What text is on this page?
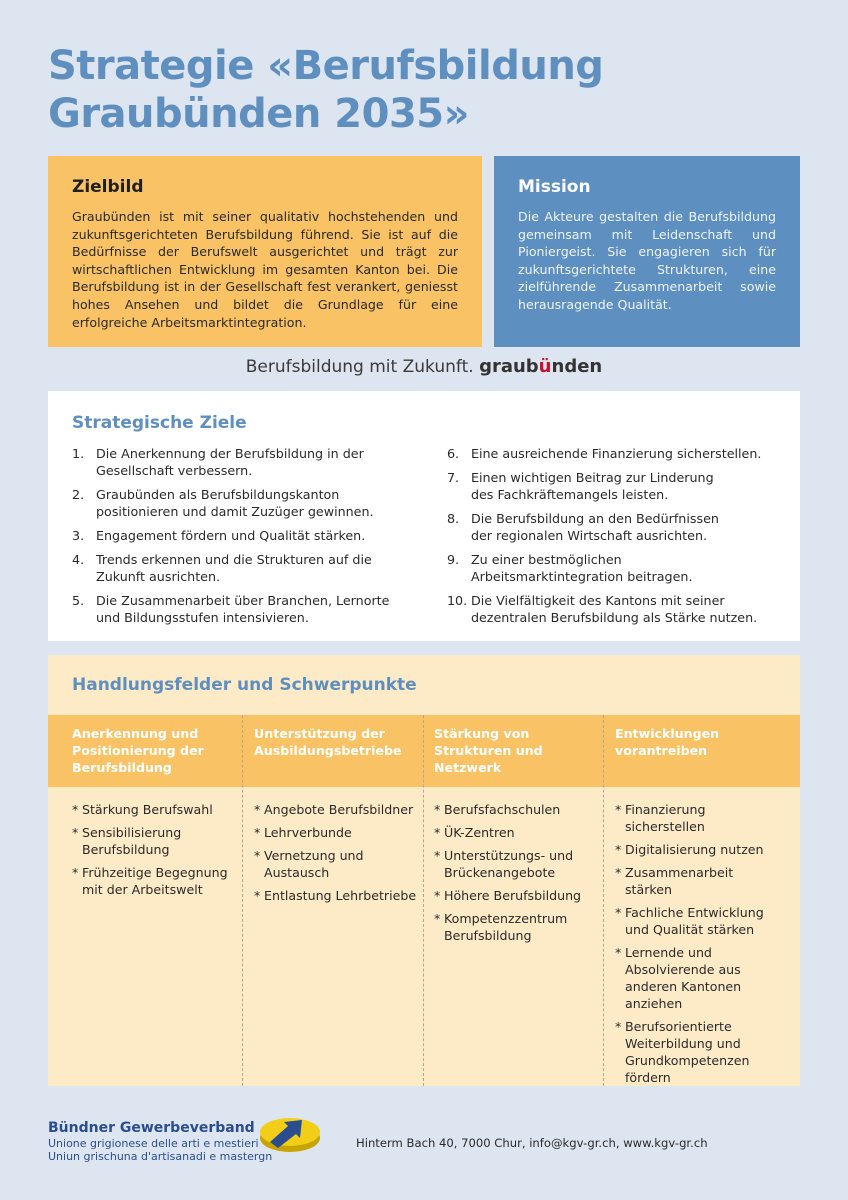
Strategie «Berufsbildung
Graubünden 2035»
Zielbild

Graubünden ist mit seiner qualitativ hochstehenden und zukunftsgerichteten Berufsbildung führend. Sie ist auf die Bedürfnisse der Berufswelt ausgerichtet und trägt zur wirtschaftlichen Entwicklung im gesamten Kanton bei. Die Berufsbildung ist in der Gesellschaft fest verankert, geniesst hohes Ansehen und bildet die Grundlage für eine erfolgreiche Arbeitsmarktintegration.

Mission

Die Akteure gestalten die Berufsbildung gemeinsam mit Leidenschaft und Pioniergeist. Sie engagieren sich für zukunftsgerichtete Strukturen, eine zielführende Zusammenarbeit sowie herausragende Qualität.

Berufsbildung mit Zukunft. graubünden
Strategische Ziele
1. Die Anerkennung der Berufsbildung in der Gesellschaft verbessern.
2. Graubünden als Berufsbildungskanton positionieren und damit Zuzüger gewinnen.
3. Engagement fördern und Qualität stärken.
4. Trends erkennen und die Strukturen auf die Zukunft ausrichten.
5. Die Zusammenarbeit über Branchen, Lernorte und Bildungsstufen intensivieren.
6. Eine ausreichende Finanzierung sicherstellen.
7. Einen wichtigen Beitrag zur Linderung des Fachkräftemangels leisten.
8. Die Berufsbildung an den Bedürfnissen der regionalen Wirtschaft ausrichten.
9. Zu einer bestmöglichen Arbeitsmarktintegration beitragen.
10. Die Vielfältigkeit des Kantons mit seiner dezentralen Berufsbildung als Stärke nutzen.
Handlungsfelder und Schwerpunkte
Anerkennung und Positionierung der Berufsbildung
* Stärkung Berufswahl
* Sensibilisierung Berufsbildung
* Frühzeitige Begegnung mit der Arbeitswelt
Unterstützung der Ausbildungsbetriebe
* Angebote Berufsbildner
* Lehrverbunde
* Vernetzung und Austausch
* Entlastung Lehrbetriebe
Stärkung von Strukturen und Netzwerk
* Berufsfachschulen
* ÜK-Zentren
* Unterstützungs- und Brückenangebote
* Höhere Berufsbildung
* Kompetenzzentrum Berufsbildung
Entwicklungen vorantreiben
* Finanzierung sicherstellen
* Digitalisierung nutzen
* Zusammenarbeit stärken
* Fachliche Entwicklung und Qualität stärken
* Lernende und Absolvierende aus anderen Kantonen anziehen
* Berufsorientierte Weiterbildung und Grundkompetenzen fördern
Bündner Gewerbeverband
Unione grigionese delle arti e mestieri
Uniun grischuna d'artisanadi e mastergn
Hinterm Bach 40, 7000 Chur, info@kgv-gr.ch, www.kgv-gr.ch
